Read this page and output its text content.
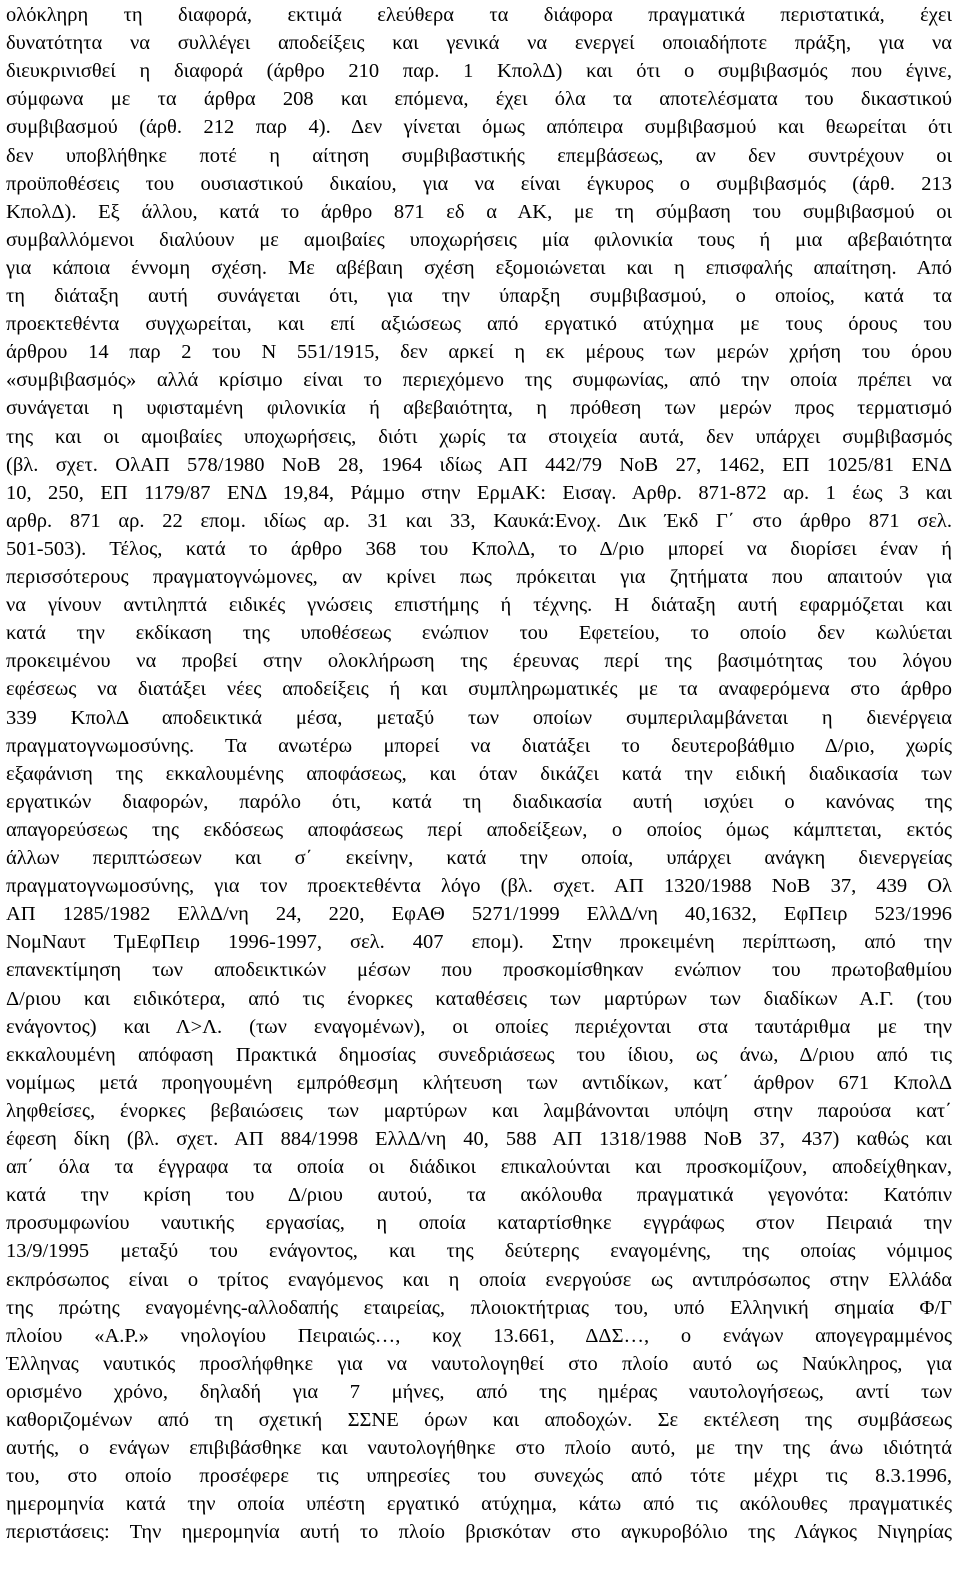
ολόκληρη τη διαφορά, εκτιμά ελεύθερα τα διάφορα πραγματικά περιστατικά, έχει
δυνατότητα να συλλέγει αποδείξεις και γενικά να ενεργεί οποιαδήποτε πράξη, για να
διευκρινισθεί η διαφορά (άρθρο 210 παρ. 1 ΚπολΔ) και ότι ο συμβιβασμός που έγινε,
σύμφωνα με τα άρθρα 208 και επόμενα, έχει όλα τα αποτελέσματα του δικαστικού
συμβιβασμού (άρθ. 212 παρ 4). Δεν γίνεται όμως απόπειρα συμβιβασμού και θεωρείται ότι
δεν υποβλήθηκε ποτέ η αίτηση συμβιβαστικής επεμβάσεως, αν δεν συντρέχουν οι
προϋποθέσεις του ουσιαστικού δικαίου, για να είναι έγκυρος ο συμβιβασμός (άρθ. 213
ΚπολΔ). Εξ άλλου, κατά το άρθρο 871 εδ α ΑΚ, με τη σύμβαση του συμβιβασμού οι
συμβαλλόμενοι διαλύουν με αμοιβαίες υποχωρήσεις μία φιλονικία τους ή μια αβεβαιότητα
για κάποια έννομη σχέση. Με αβέβαιη σχέση εξομοιώνεται και η επισφαλής απαίτηση. Από
τη διάταξη αυτή συνάγεται ότι, για την ύπαρξη συμβιβασμού, ο οποίος, κατά τα
προεκτεθέντα συγχωρείται, και επί αξιώσεως από εργατικό ατύχημα με τους όρους του
άρθρου 14 παρ 2 του Ν 551/1915, δεν αρκεί η εκ μέρους των μερών χρήση του όρου
«συμβιβασμός» αλλά κρίσιμο είναι το περιεχόμενο της συμφωνίας, από την οποία πρέπει να
συνάγεται η υφισταμένη φιλονικία ή αβεβαιότητα, η πρόθεση των μερών προς τερματισμό
της και οι αμοιβαίες υποχωρήσεις, διότι χωρίς τα στοιχεία αυτά, δεν υπάρχει συμβιβασμός
(βλ. σχετ. ΟλΑΠ 578/1980 ΝοΒ 28, 1964 ιδίως ΑΠ 442/79 ΝοΒ 27, 1462, ΕΠ 1025/81 ΕΝΔ
10, 250, ΕΠ 1179/87 ΕΝΔ 19,84, Ράμμο στην ΕρμΑΚ: Εισαγ. Αρθρ. 871-872 αρ. 1 έως 3 και
αρθρ. 871 αρ. 22 επομ. ιδίως αρ. 31 και 33, Καυκά:Ενοχ. Δικ Έκδ Γ΄ στο άρθρο 871 σελ.
501-503). Τέλος, κατά το άρθρο 368 του ΚπολΔ, το Δ/ριο μπορεί να διορίσει έναν ή
περισσότερους πραγματογνώμονες, αν κρίνει πως πρόκειται για ζητήματα που απαιτούν για
να γίνουν αντιληπτά ειδικές γνώσεις επιστήμης ή τέχνης. Η διάταξη αυτή εφαρμόζεται και
κατά την εκδίκαση της υποθέσεως ενώπιον του Εφετείου, το οποίο δεν κωλύεται
προκειμένου να προβεί στην ολοκλήρωση της έρευνας περί της βασιμότητας του λόγου
εφέσεως να διατάξει νέες αποδείξεις ή και συμπληρωματικές με τα αναφερόμενα στο άρθρο
339 ΚπολΔ αποδεικτικά μέσα, μεταξύ των οποίων συμπεριλαμβάνεται η διενέργεια
πραγματογνωμοσύνης. Τα ανωτέρω μπορεί να διατάξει το δευτεροβάθμιο Δ/ριο, χωρίς
εξαφάνιση της εκκαλουμένης αποφάσεως, και όταν δικάζει κατά την ειδική διαδικασία των
εργατικών διαφορών, παρόλο ότι, κατά τη διαδικασία αυτή ισχύει ο κανόνας της
απαγορεύσεως της εκδόσεως αποφάσεως περί αποδείξεων, ο οποίος όμως κάμπτεται, εκτός
άλλων περιπτώσεων και σ΄ εκείνην, κατά την οποία, υπάρχει ανάγκη διενεργείας
πραγματογνωμοσύνης, για τον προεκτεθέντα λόγο (βλ. σχετ. ΑΠ 1320/1988 ΝοΒ 37, 439 Ολ
ΑΠ 1285/1982 ΕλλΔ/νη 24, 220, ΕφΑΘ 5271/1999 ΕλλΔ/νη 40,1632, ΕφΠειρ 523/1996
ΝομΝαυτ ΤμΕφΠειρ 1996-1997, σελ. 407 επομ). Στην προκειμένη περίπτωση, από την
επανεκτίμηση των αποδεικτικών μέσων που προσκομίσθηκαν ενώπιον του πρωτοβαθμίου
Δ/ριου και ειδικότερα, από τις ένορκες καταθέσεις των μαρτύρων των διαδίκων Α.Γ. (του
ενάγοντος) και Λ>Λ. (των εναγομένων), οι οποίες περιέχονται στα ταυτάριθμα με την
εκκαλουμένη απόφαση Πρακτικά δημοσίας συνεδριάσεως του ίδιου, ως άνω, Δ/ριου από τις
νομίμως μετά προηγουμένη εμπρόθεσμη κλήτευση των αντιδίκων, κατ΄ άρθρον 671 ΚπολΔ
ληφθείσες, ένορκες βεβαιώσεις των μαρτύρων και λαμβάνονται υπόψη στην παρούσα κατ΄
έφεση δίκη (βλ. σχετ. ΑΠ 884/1998 ΕλλΔ/νη 40, 588 ΑΠ 1318/1988 ΝοΒ 37, 437) καθώς και
απ΄ όλα τα έγγραφα τα οποία οι διάδικοι επικαλούνται και προσκομίζουν, αποδείχθηκαν,
κατά την κρίση του Δ/ριου αυτού, τα ακόλουθα πραγματικά γεγονότα: Κατόπιν
προσυμφωνίου ναυτικής εργασίας, η οποία καταρτίσθηκε εγγράφως στον Πειραιά την
13/9/1995 μεταξύ του ενάγοντος, και της δεύτερης εναγομένης, της οποίας νόμιμος
εκπρόσωπος είναι ο τρίτος εναγόμενος και η οποία ενεργούσε ως αντιπρόσωπος στην Ελλάδα
της πρώτης εναγομένης-αλλοδαπής εταιρείας, πλοιοκτήτριας του, υπό Ελληνική σημαία Φ/Γ
πλοίου «Α.Ρ.» νηολογίου Πειραιώς…, κοχ 13.661, ΔΔΣ…, ο ενάγων απογεγραμμένος
Έλληνας ναυτικός προσλήφθηκε για να ναυτολογηθεί στο πλοίο αυτό ως Ναύκληρος, για
ορισμένο χρόνο, δηλαδή για 7 μήνες, από της ημέρας ναυτολογήσεως, αντί των
καθοριζομένων από τη σχετική ΣΣΝΕ όρων και αποδοχών. Σε εκτέλεση της συμβάσεως
αυτής, ο ενάγων επιβιβάσθηκε και ναυτολογήθηκε στο πλοίο αυτό, με την της άνω ιδιότητά
του, στο οποίο προσέφερε τις υπηρεσίες του συνεχώς από τότε μέχρι τις 8.3.1996,
ημερομηνία κατά την οποία υπέστη εργατικό ατύχημα, κάτω από τις ακόλουθες πραγματικές
περιστάσεις: Την ημερομηνία αυτή το πλοίο βρισκόταν στο αγκυροβόλιο της Λάγκος Νιγηρίας
